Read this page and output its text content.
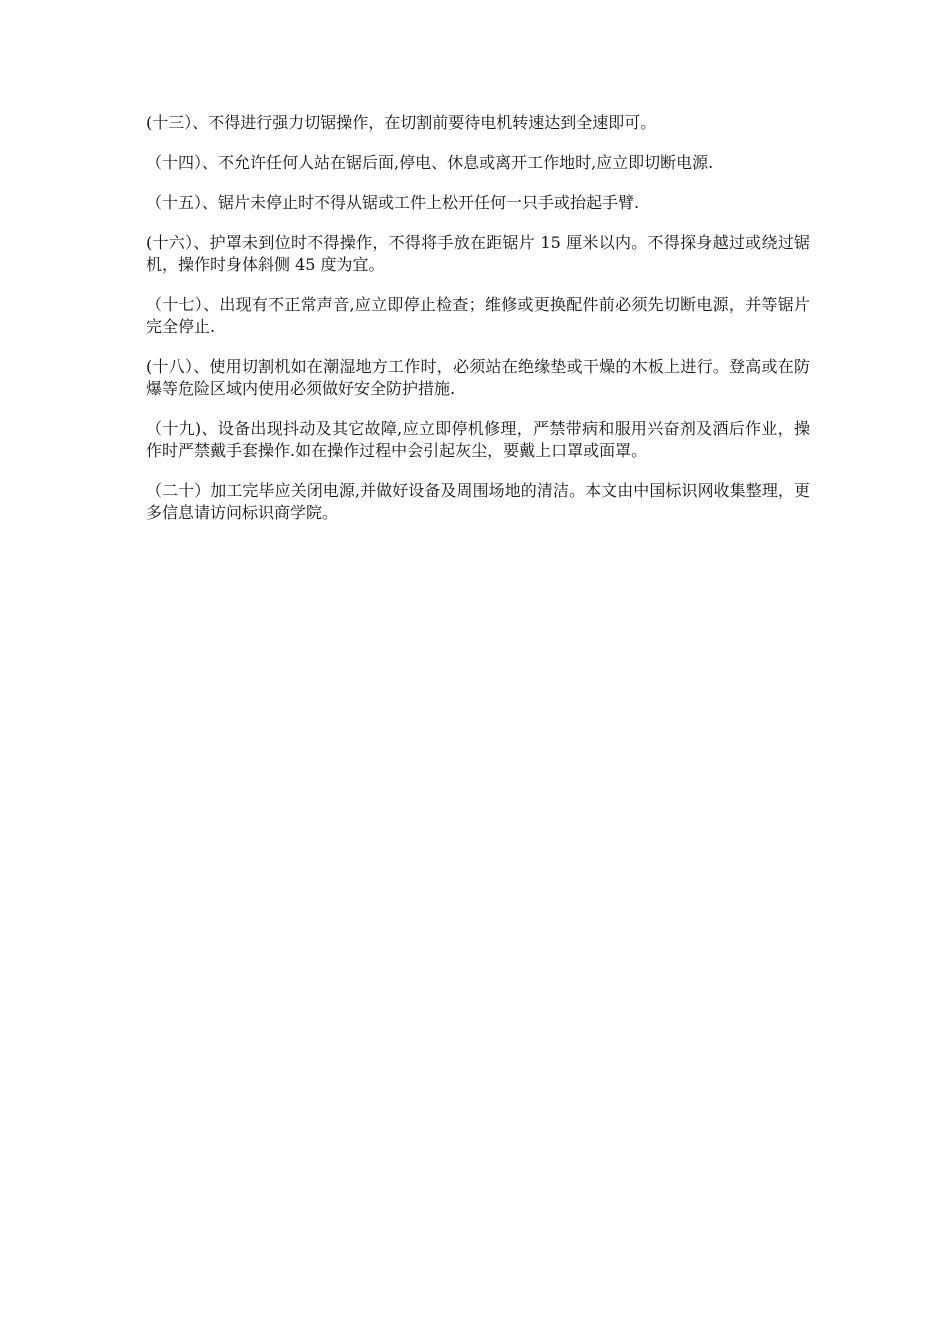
(十三）、不得进行强力切锯操作，在切割前要待电机转速达到全速即可。

（十四）、不允许任何人站在锯后面,停电、休息或离开工作地时,应立即切断电源.

（十五）、锯片未停止时不得从锯或工件上松开任何一只手或抬起手臂.

(十六）、护罩未到位时不得操作，不得将手放在距锯片 15 厘米以内。不得探身越过或绕过锯机，操作时身体斜侧 45 度为宜。

（十七）、出现有不正常声音,应立即停止检查；维修或更换配件前必须先切断电源，并等锯片完全停止.

(十八）、使用切割机如在潮湿地方工作时，必须站在绝缘垫或干燥的木板上进行。登高或在防爆等危险区域内使用必须做好安全防护措施.

（十九)、设备出现抖动及其它故障,应立即停机修理，严禁带病和服用兴奋剂及酒后作业，操作时严禁戴手套操作.如在操作过程中会引起灰尘，要戴上口罩或面罩。

（二十）加工完毕应关闭电源,并做好设备及周围场地的清洁。本文由中国标识网收集整理，更多信息请访问标识商学院。
